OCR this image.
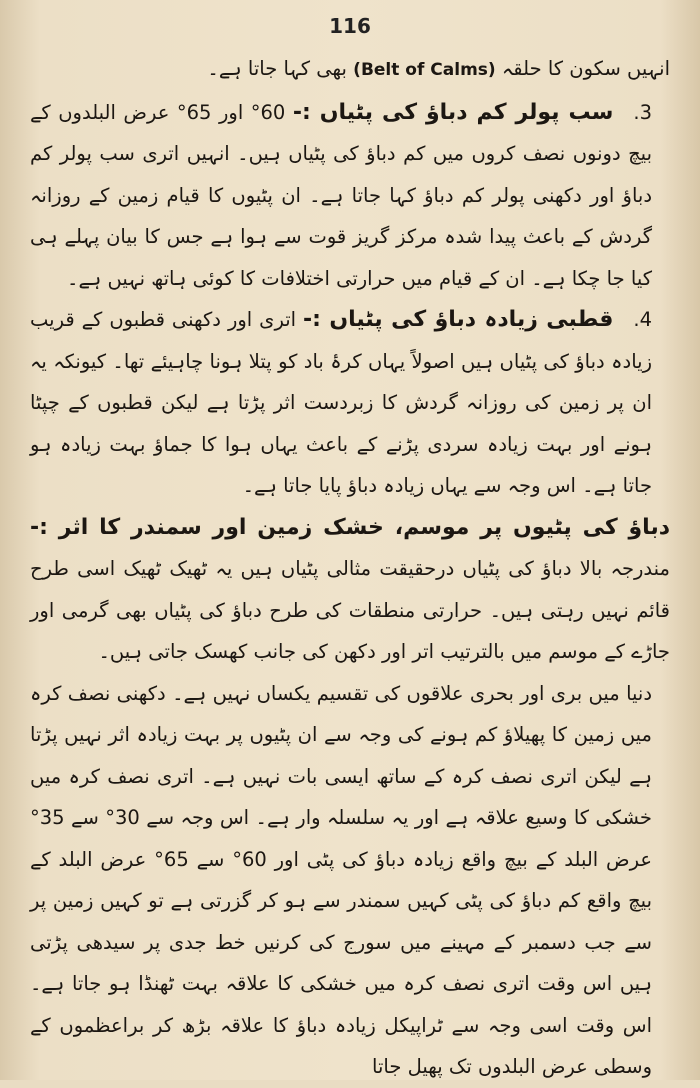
116

انہیں سکون کا حلقہ (Belt of Calms) بھی کہا جاتا ہے۔

3.سب پولر کم دباؤ کی پٹیاں :- 60° اور 65° عرض البلدوں کے بیچ دونوں نصف کروں میں کم دباؤ کی پٹیاں ہیں۔ انہیں اتری سب پولر کم دباؤ اور دکھنی پولر کم دباؤ کہا جاتا ہے۔ ان پٹیوں کا قیام زمین کے روزانہ گردش کے باعث پیدا شدہ مرکز گریز قوت سے ہوا ہے جس کا بیان پہلے ہی کیا جا چکا ہے۔ ان کے قیام میں حرارتی اختلافات کا کوئی ہاتھ نہیں ہے۔

4.قطبی زیادہ دباؤ کی پٹیاں :- اتری اور دکھنی قطبوں کے قریب زیادہ دباؤ کی پٹیاں ہیں اصولاً یہاں کرۂ باد کو پتلا ہونا چاہیئے تھا۔ کیونکہ یہ ان پر زمین کی روزانہ گردش کا زبردست اثر پڑتا ہے لیکن قطبوں کے چپٹا ہونے اور بہت زیادہ سردی پڑنے کے باعث یہاں ہوا کا جماؤ بہت زیادہ ہو جاتا ہے۔ اس وجہ سے یہاں زیادہ دباؤ پایا جاتا ہے۔

دباؤ کی پٹیوں پر موسم، خشک زمین اور سمندر کا اثر :- مندرجہ بالا دباؤ کی پٹیاں درحقیقت مثالی پٹیاں ہیں یہ ٹھیک ٹھیک اسی طرح قائم نہیں رہتی ہیں۔ حرارتی منطقات کی طرح دباؤ کی پٹیاں بھی گرمی اور جاڑے کے موسم میں بالترتیب اتر اور دکھن کی جانب کھسک جاتی ہیں۔

دنیا میں بری اور بحری علاقوں کی تقسیم یکساں نہیں ہے۔ دکھنی نصف کرہ میں زمین کا پھیلاؤ کم ہونے کی وجہ سے ان پٹیوں پر بہت زیادہ اثر نہیں پڑتا ہے لیکن اتری نصف کرہ کے ساتھ ایسی بات نہیں ہے۔ اتری نصف کرہ میں خشکی کا وسیع علاقہ ہے اور یہ سلسلہ وار ہے۔ اس وجہ سے 30° سے 35° عرض البلد کے بیچ واقع زیادہ دباؤ کی پٹی اور 60° سے 65° عرض البلد کے بیچ واقع کم دباؤ کی پٹی کہیں سمندر سے ہو کر گزرتی ہے تو کہیں زمین پر سے جب دسمبر کے مہینے میں سورج کی کرنیں خط جدی پر سیدھی پڑتی ہیں اس وقت اتری نصف کرہ میں خشکی کا علاقہ بہت ٹھنڈا ہو جاتا ہے۔ اس وقت اسی وجہ سے ٹراپیکل زیادہ دباؤ کا علاقہ بڑھ کر براعظموں کے وسطی عرض البلدوں تک پھیل جاتا
